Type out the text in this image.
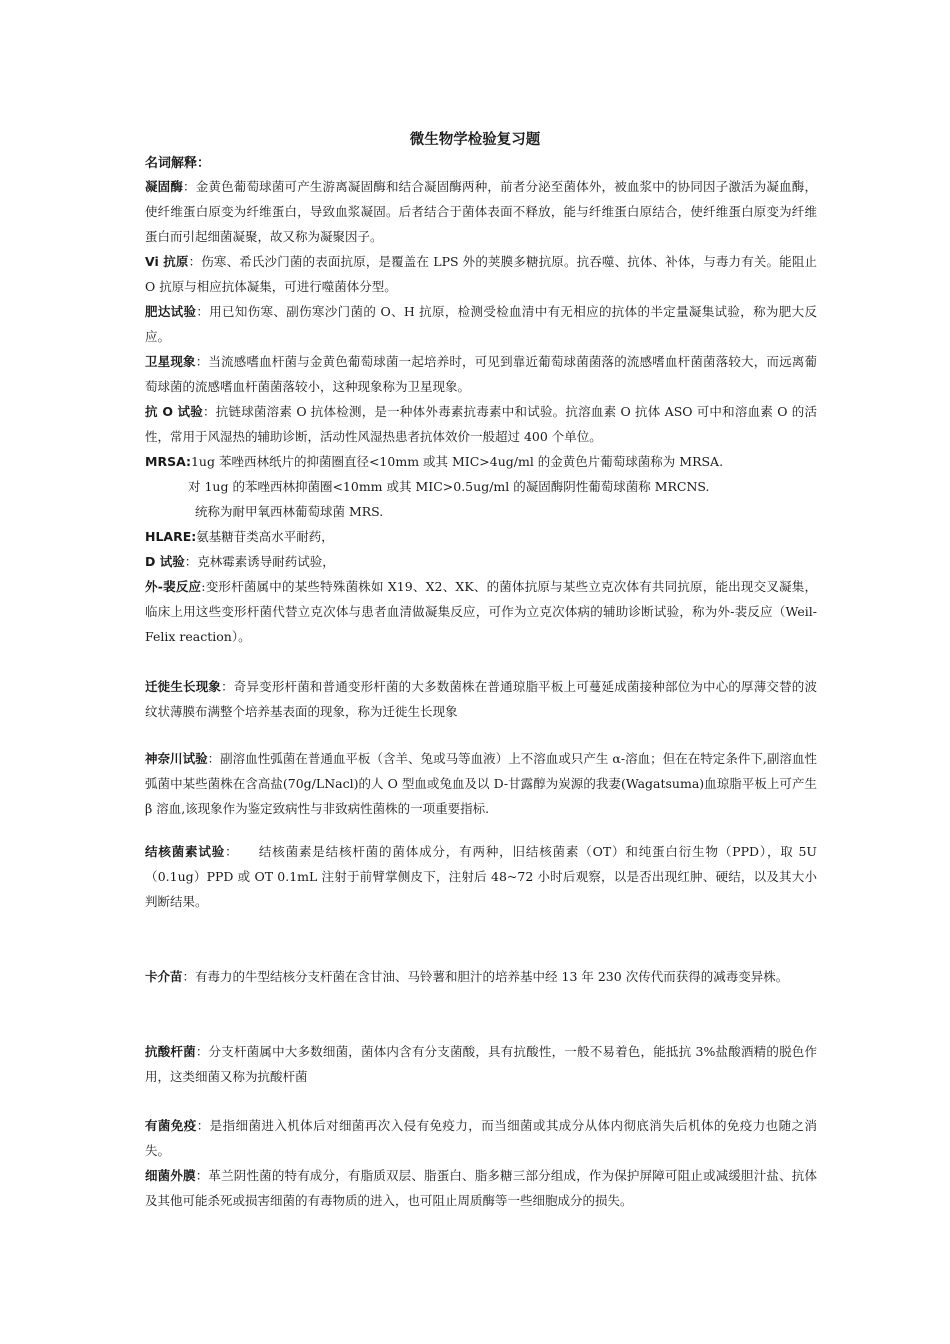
微生物学检验复习题
名词解释：
凝固酶：金黄色葡萄球菌可产生游离凝固酶和结合凝固酶两种，前者分泌至菌体外，被血浆中的协同因子激活为凝血酶，使纤维蛋白原变为纤维蛋白，导致血浆凝固。后者结合于菌体表面不释放，能与纤维蛋白原结合，使纤维蛋白原变为纤维蛋白而引起细菌凝聚，故又称为凝聚因子。
Vi 抗原：伤寒、希氏沙门菌的表面抗原，是覆盖在 LPS 外的荚膜多糖抗原。抗吞噬、抗体、补体，与毒力有关。能阻止 O 抗原与相应抗体凝集，可进行噬菌体分型。
肥达试验：用已知伤寒、副伤寒沙门菌的 O、H 抗原，检测受检血清中有无相应的抗体的半定量凝集试验，称为肥大反应。
卫星现象：当流感嗜血杆菌与金黄色葡萄球菌一起培养时，可见到靠近葡萄球菌菌落的流感嗜血杆菌菌落较大，而远离葡萄球菌的流感嗜血杆菌菌落较小，这种现象称为卫星现象。
抗 O 试验：抗链球菌溶素 O 抗体检测，是一种体外毒素抗毒素中和试验。抗溶血素 O 抗体 ASO 可中和溶血素 O 的活性，常用于风湿热的辅助诊断，活动性风湿热患者抗体效价一般超过 400 个单位。
MRSA:1ug 苯唑西林纸片的抑菌圈直径<10mm 或其 MIC>4ug/ml 的金黄色片葡萄球菌称为 MRSA.
对 1ug 的苯唑西林抑菌圈<10mm 或其 MIC>0.5ug/ml 的凝固酶阴性葡萄球菌称 MRCNS.
统称为耐甲氧西林葡萄球菌 MRS.
HLARE:氨基糖苷类高水平耐药，
D 试验：克林霉素诱导耐药试验，
外-裴反应:变形杆菌属中的某些特殊菌株如 X19、X2、XK、的菌体抗原与某些立克次体有共同抗原，能出现交叉凝集，临床上用这些变形杆菌代替立克次体与患者血清做凝集反应，可作为立克次体病的辅助诊断试验，称为外-裴反应（Weil-Felix reaction）。
迁徙生长现象：奇异变形杆菌和普通变形杆菌的大多数菌株在普通琼脂平板上可蔓延成菌接种部位为中心的厚薄交替的波纹状薄膜布满整个培养基表面的现象，称为迁徙生长现象
神奈川试验：副溶血性弧菌在普通血平板（含羊、兔或马等血液）上不溶血或只产生 α-溶血；但在在特定条件下,副溶血性弧菌中某些菌株在含高盐(70g/LNacl)的人 O 型血或兔血及以 D-甘露醇为炭源的我妻(Wagatsuma)血琼脂平板上可产生 β 溶血,该现象作为鉴定致病性与非致病性菌株的一项重要指标.
结核菌素试验：　　结核菌素是结核杆菌的菌体成分，有两种，旧结核菌素（OT）和纯蛋白衍生物（PPD），取 5U（0.1ug）PPD 或 OT 0.1mL 注射于前臂掌侧皮下，注射后 48~72 小时后观察，以是否出现红肿、硬结，以及其大小判断结果。
卡介苗：有毒力的牛型结核分支杆菌在含甘油、马铃薯和胆汁的培养基中经 13 年 230 次传代而获得的减毒变异株。
抗酸杆菌：分支杆菌属中大多数细菌，菌体内含有分支菌酸，具有抗酸性，一般不易着色，能抵抗 3%盐酸酒精的脱色作用，这类细菌又称为抗酸杆菌
有菌免疫：是指细菌进入机体后对细菌再次入侵有免疫力，而当细菌或其成分从体内彻底消失后机体的免疫力也随之消失。
细菌外膜：革兰阴性菌的特有成分，有脂质双层、脂蛋白、脂多糖三部分组成，作为保护屏障可阻止或减缓胆汁盐、抗体及其他可能杀死或损害细菌的有毒物质的进入，也可阻止周质酶等一些细胞成分的损失。
